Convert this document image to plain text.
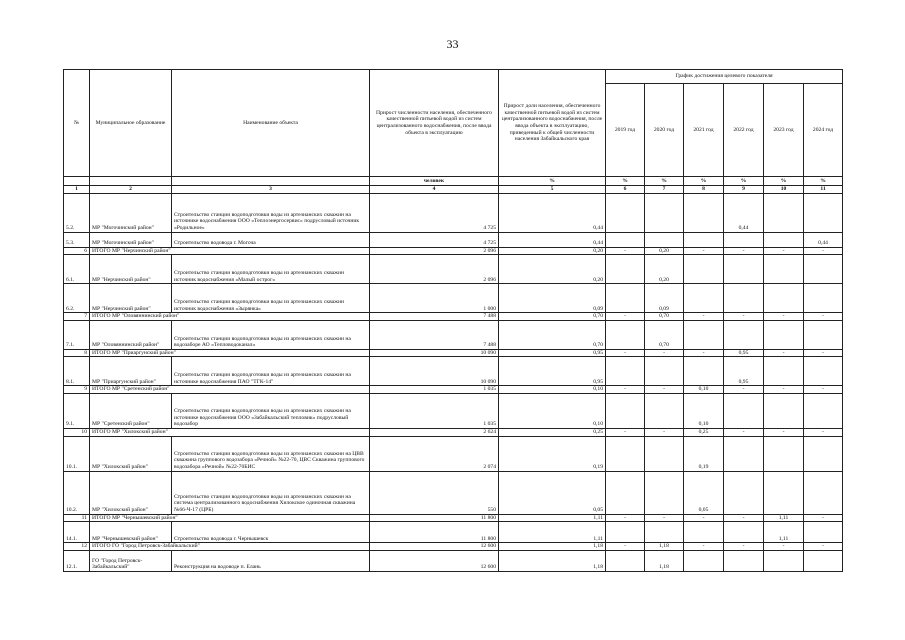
33
№	Муниципальное образование	Наименование объекта	Прирост численности населения, обеспеченного качественной питьевой водой из систем централизованного водоснабжения, после ввода объекта в эксплуатацию	Прирост доли населения, обеспеченного качественной питьевой водой из систем централизованного водоснабжения, после ввода объекта в эксплуатацию, приведенный к общей численности населения Забайкальского края	График достижения целевого показателя					
					2019 год	2020 год	2021 год	2022 год	2023 год	2024 год
			человек	%	%	%	%	%	%	%
1	2	3	4	5	6	7	8	9	10	11
5.2.	МР "Могочинский район"	Строительство станции водоподготовки воды из артезианских скважин на источнике водоснабжения ООО «Теплоэнергосервис» подрусловый источник «Родильное»	4 725	0,44				0,44		
5.3.	МР "Могочинский район"	Строительство водовода г. Могоча	4 725	0,44						0,44
6	ИТОГО МР "Нерчинский район"		2 096	0,20	-	0,20	-	-	-	-
6.1.	МР "Нерчинский район"	Строительство станции водоподготовки воды из артезианских скважин источник водоснабжения «Малый острог»	2 096	0,20		0,20				
6.2.	МР "Нерчинский район"	Строительство станции водоподготовки воды из артезианских скважин источник водоснабжения «Зырянка»	1 000	0,09		0,09				
7	ИТОГО МР "Оловяннинский район"		7 488	0,70	-	0,70	-	-	-	-
7.1.	МР "Оловяннинский район"	Строительство станции водоподготовки воды из артезианских скважин на водозаборе АО «Тепловодоканал»	7 488	0,70		0,70				
8	ИТОГО МР "Приаргунский район"		10 090	0,95	-	-	-	0,95	-	-
8.1.	МР "Приаргунский район"	Строительство станции водоподготовки воды из артезианских скважин на источнике водоснабжения ПАО "ТГК-14"	10 090	0,95				0,95		
9	ИТОГО МР "Сретенский район"		1 035	0,10	-	-	0,10	-	-	-
9.1.	МР "Сретенский район"	Строительство станции водоподготовки воды из артезианских скважин на источнике водоснабжения ООО «Забайкальский тепловик» подрусловый водозабор	1 035	0,10			0,10			
10	ИТОГО МР "Хилокский район"		2 624	0,25	-	-	0,25	-	-	-
10.1.	МР "Хилокский район"	Строительство станции водоподготовки воды из артезианских скважин на ЦВВ скважина группового водозабора «Речной» №22-70, ЦВС Скважина группового водозабора «Речной» №22-70БИС	2 074	0,19			0,19			
10.2.	МР "Хилокский район"	Строительство станции водоподготовки воды из артезианских скважин на система централизованного водоснабжения Хилокское одиночная скважина №66-Ч-17 (ЦРБ)	550	0,05			0,05			
11	ИТОГО МР "Чернышевский район"		11 800	1,11	-	-	-	-	1,11	-
14.1.	МР "Чернышевский район"	Строительство водовода г. Чернышевск	11 800	1,11					1,11	
12	ИТОГО ГО "Город Петровск-Забайкальский"		12 600	1,18	-	1,18	-	-	-	-
12.1.	ГО "Город Петровск-Забайкальский"	Реконструкция на водоводе п. Елань	12 600	1,18		1,18				
